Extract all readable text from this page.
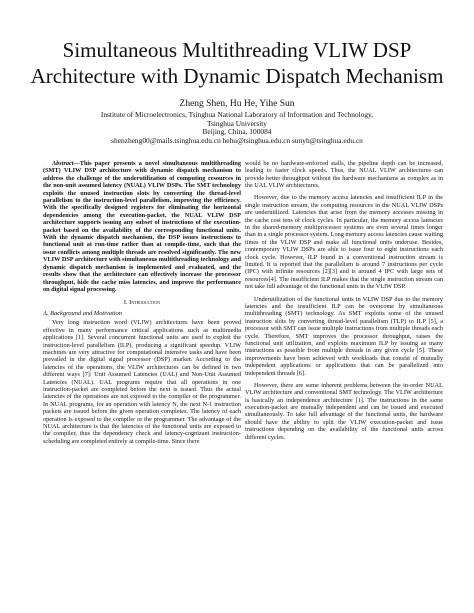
Simultaneous Multithreading VLIW DSP
Architecture with Dynamic Dispatch Mechanism
Zheng Shen, Hu He, Yihe Sun
Institute of Microelectronics, Tsinghua National Laboratory of Information and Technology,
Tsinghua University
Beijing, China, 100084
shenzheng00@mails.tsinghua.edu.cn hehu@tsinghua.edu.cn sunyh@tsinghua.edu.cn

Abstract—This paper presents a novel simultaneous multithreading (SMT) VLIW DSP architecture with dynamic dispatch mechanism to address the challenge of the underutilization of computing resources in the non-unit assumed latency (NUAL) VLIW DSPs. The SMT technology exploits the unused instruction slots by converting the thread-level parallelism to the instruction-level parallelism, improving the efficiency. With the specifically designed registers for eliminating the horizontal dependencies among the execution-packet, the NUAL VLIW DSP architecture supports issuing any subset of instructions of the execution-packet based on the availability of the corresponding functional units. With the dynamic dispatch mechanism, the DSP issues instructions to functional unit at run-time rather than at compile-time, such that the issue conflicts among multiple threads are resolved significantly. The new VLIW DSP architecture with simultaneous multithreading technology and dynamic dispatch mechanism is implemented and evaluated, and the results show that the architecture can effectively increase the processor throughput, hide the cache miss latencies, and improve the performance on digital signal processing.

I. Introduction
A. Background and Motivation

Very long instruction word (VLIW) architectures have been proved effective in many performance critical applications such as multimedia applications [1]. Several concurrent functional units are used to exploit the instruction-level parallelism (ILP), producing a significant speedup. VLIW machines are very attractive for computational intensive tasks and have been prevailed in the digital signal processor (DSP) market. According to the latencies of the operations, the VLIW architectures can be defined in two different ways [7]: Unit Assumed Latencies (UAL) and Non-Unit Assumed Latencies (NUAL). UAL programs require that all operations in one instruction-packet are completed before the next is issued. Thus the actual latencies of the operations are not exposed to the compiler or the programmer. In NUAL programs, for an operation with latency N, the next N-1 instruction packets are issued before the given operation completes. The latency of each operation is exposed to the compiler or the programmer. The advantage of the NUAL architecture is that the latencies of the functional units are exposed to the compiler, thus the dependency check and latency-cognizant instruction-scheduling are completed entirely at compile-time. Since there

would be no hardware-enforced stalls, the pipeline depth can be increased, leading to faster clock speeds. Thus, the NUAL VLIW architectures can provide better throughput without the hardware mechanisms as complex as in the UAL VLIW architectures.

However, due to the memory access latencies and insufficient ILP in the single instruction stream, the computing resources in the NUAL VLIW DSPs are underutilized. Latencies that arise from the memory accesses missing in the cache cost tens of clock cycles. In particular, the memory access latencies in the shared-memory multiprocessor systems are even several times longer than in a single processor system. Long memory access latencies cause waiting times of the VLIW DSP and make all functional units underuse. Besides, contemporary VLIW DSPs are able to issue four to eight instructions each clock cycle. However, ILP found in a conventional instruction stream is limited. It is reported that the parallelism is around 7 instructions per cycle (IPC) with infinite resources [2][3] and is around 4 IPC with large sets of resources[4]. The insufficient ILP makes that the single instruction stream can not take full advantage of the functional units in the VLIW DSP.

Underutilization of the functional units in VLIW DSP due to the memory latencies and the insufficient ILP can be overcome by simultaneous multithreading (SMT) technology. As SMT exploits some of the unused instruction slots by converting thread-level parallelism (TLP) to ILP [5], a processor with SMT can issue multiple instructions from multiple threads each cycle. Therefore, SMT improves the processor throughput, raises the functional unit utilization, and exploits maximum ILP by issuing as many instructions as possible from multiple threads in any given cycle [5]. These improvements have been achieved with workloads that consist of mutually independent applications or applications that can be parallelized into independent threads [6].

However, there are some inherent problems between the in-order NUAL VLIW architecture and conventional SMT technology. The VLIW architecture is basically an independence architecture [1]. The instructions in the same execution-packet are mutually independent and can be issued and executed simultaneously. To take full advantage of the functional units, the hardware should have the ability to split the VLIW execution-packet and issue instructions depending on the availability of the functional units across different cycles.
